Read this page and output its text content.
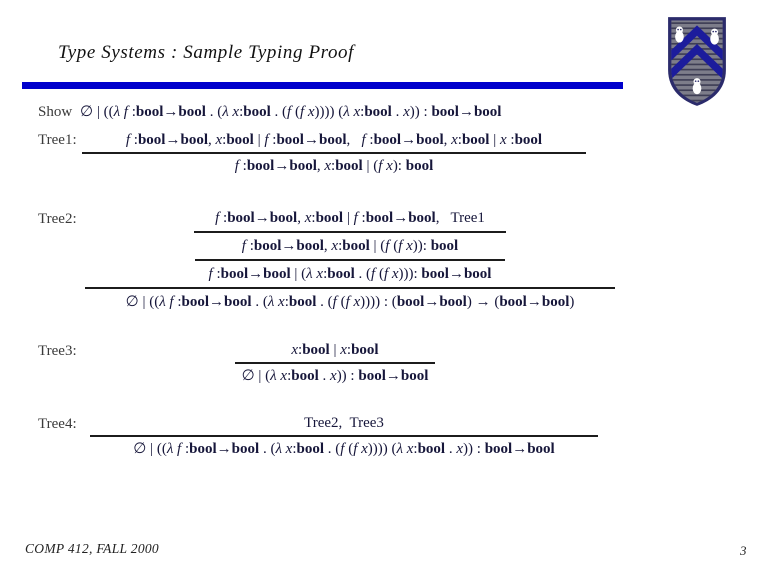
Type Systems : Sample Typing Proof
Show ∅ | ((λ f :bool→bool . (λ x:bool . (f (f x)))) (λ x:bool . x)) : bool→bool
Tree1:	f :bool→bool, x:bool | f :bool→bool,   f :bool→bool, x:bool | x :bool
f :bool→bool, x:bool | (f x): bool
Tree2:	f :bool→bool, x:bool | f :bool→bool,   Tree1
f :bool→bool, x:bool | (f (f x)): bool
f :bool→bool | (λ x:bool . (f (f x))): bool→bool
∅ | ((λ f :bool→bool . (λ x:bool . (f (f x)))) : (bool→bool) → (bool→bool)
Tree3:	x:bool | x:bool
∅ | (λ x:bool . x)) : bool→bool
Tree4:	Tree2,  Tree3
∅ | ((λ f :bool→bool . (λ x:bool . (f (f x)))) (λ x:bool . x)) : bool→bool
COMP 412, FALL 2000	3
